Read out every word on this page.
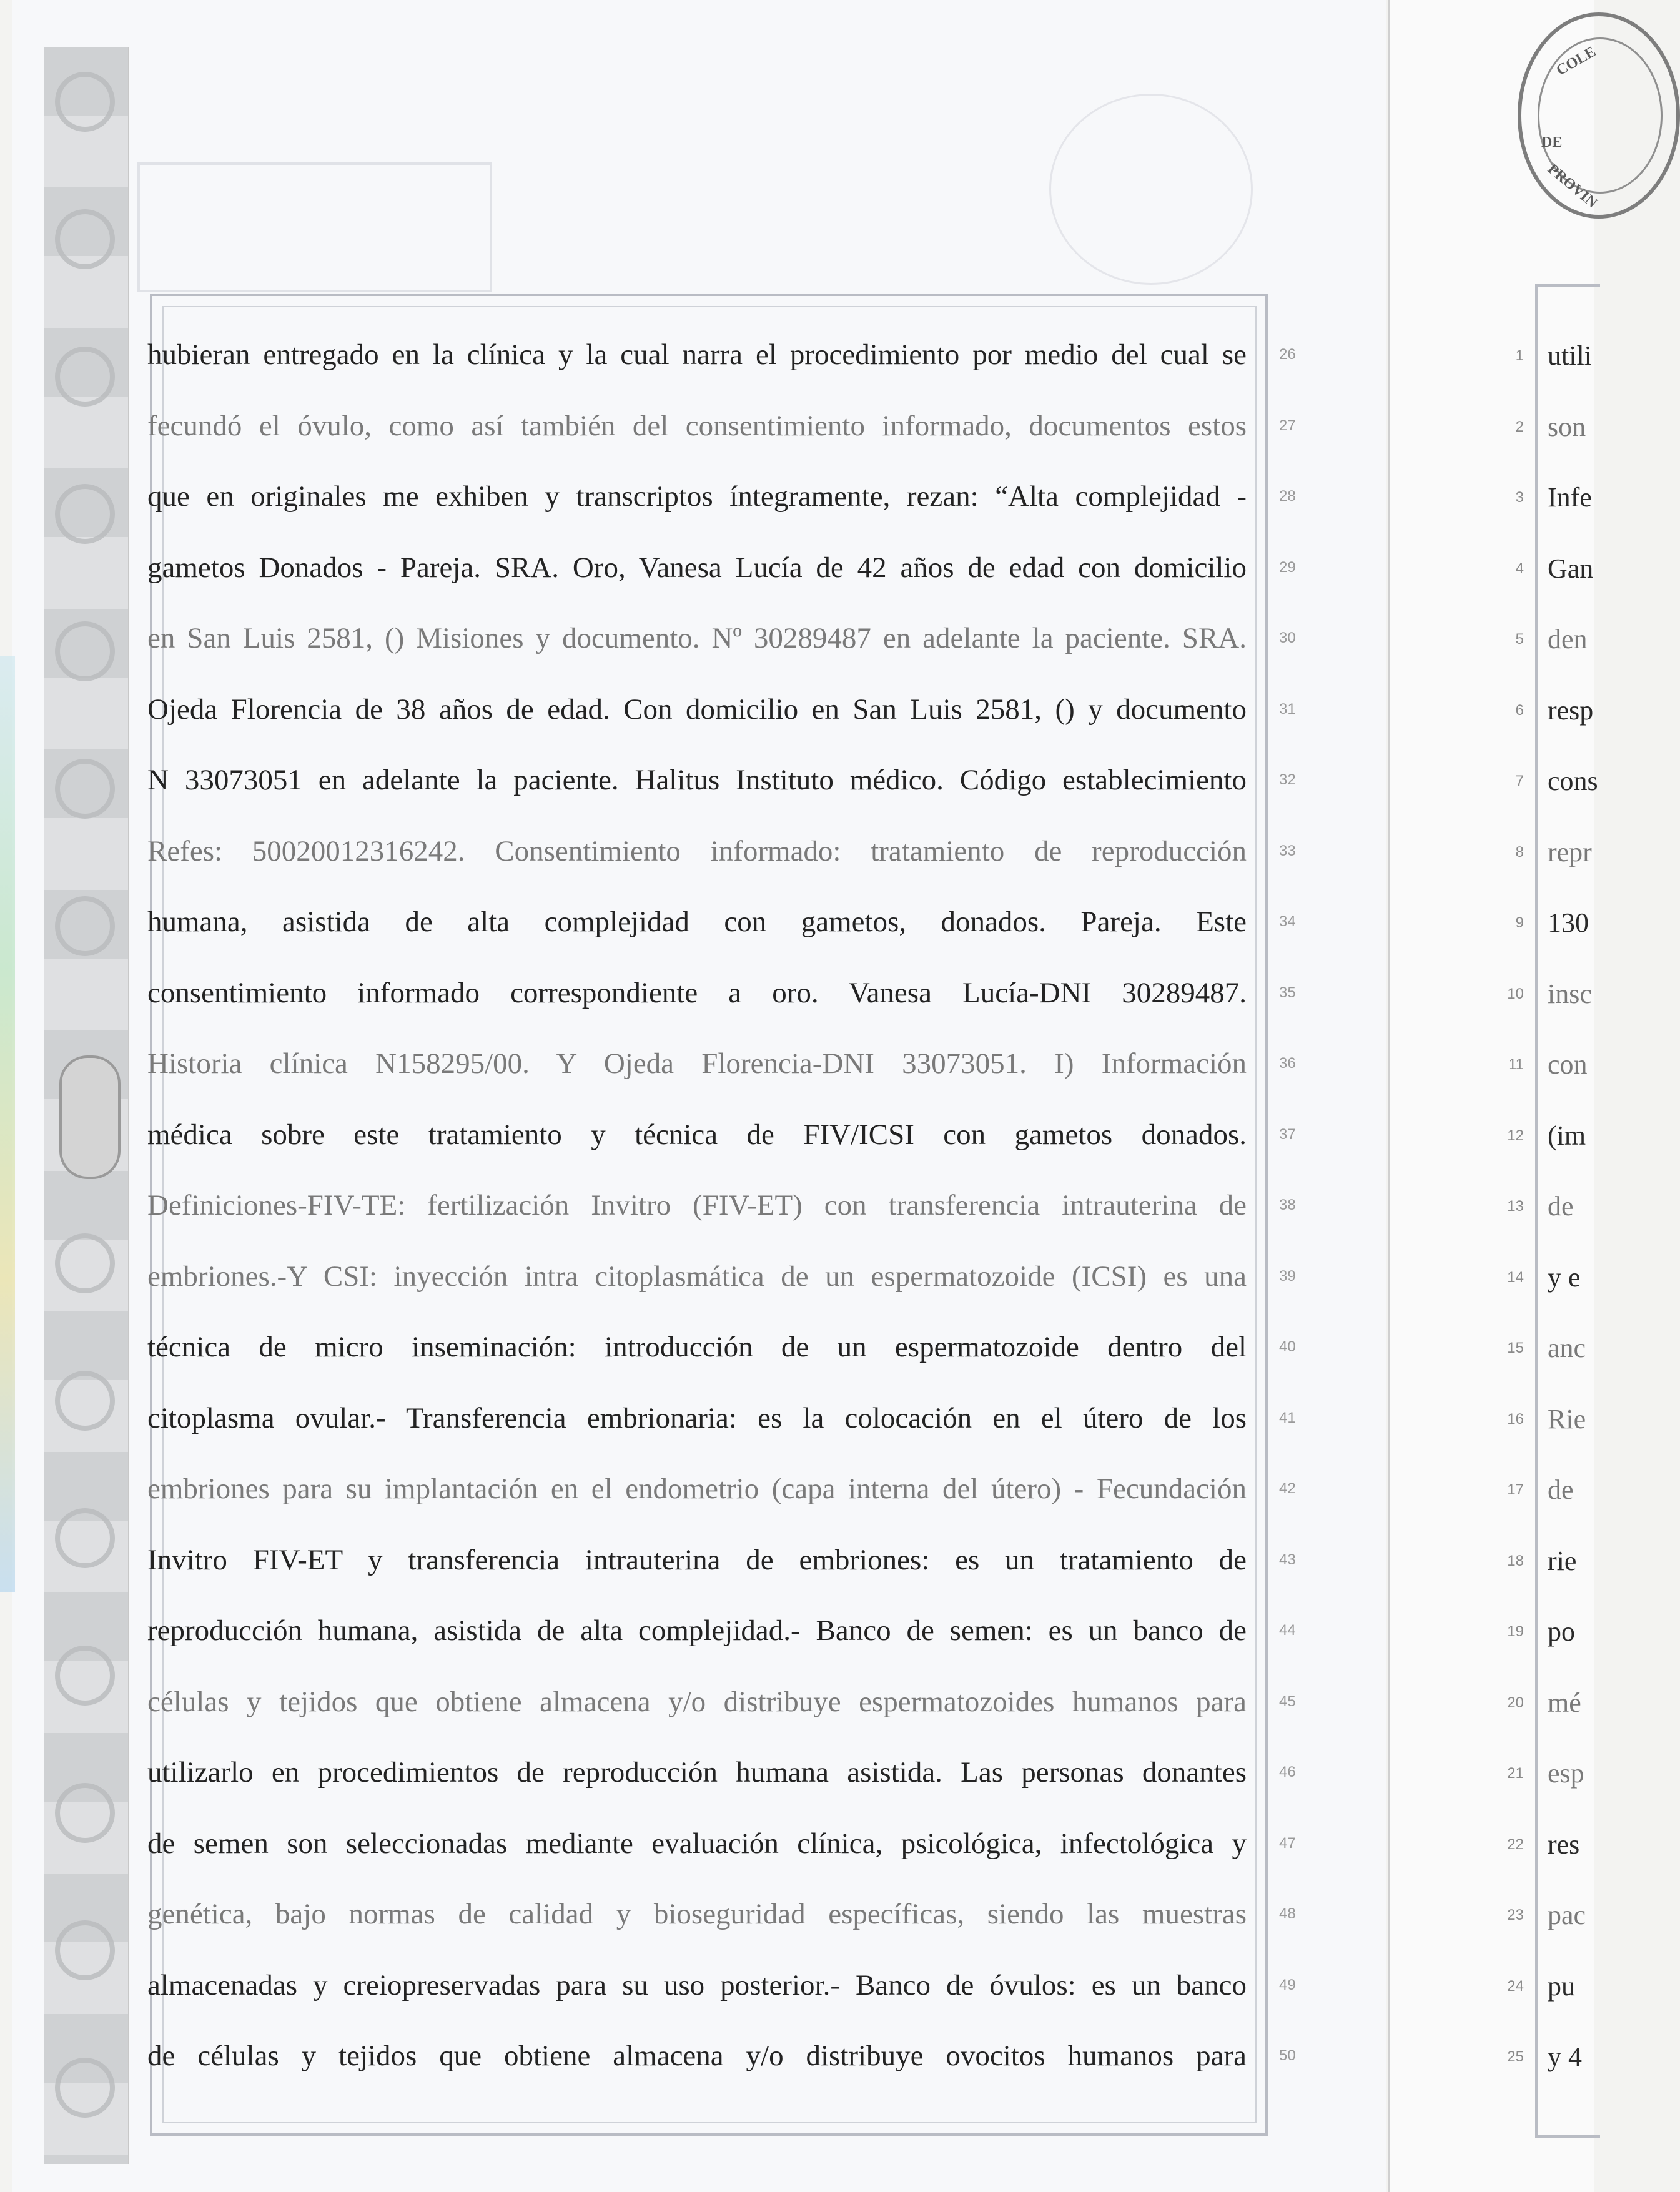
hubieran entregado en la clínica y la cual narra el procedimiento por medio del cual se

fecundó el óvulo, como así también del consentimiento informado, documentos estos

que en originales me exhiben y transcriptos íntegramente, rezan: “Alta complejidad -

gametos Donados - Pareja. SRA. Oro, Vanesa Lucía de 42 años de edad con domicilio

en San Luis 2581, () Misiones y documento. Nº 30289487 en adelante la paciente. SRA.

Ojeda Florencia de 38 años de edad. Con domicilio en San Luis 2581, () y documento

N 33073051 en adelante la paciente. Halitus Instituto médico. Código establecimiento

Refes: 50020012316242. Consentimiento informado: tratamiento de reproducción

humana, asistida de alta complejidad con gametos, donados. Pareja. Este

consentimiento informado correspondiente a oro. Vanesa Lucía-DNI 30289487.

Historia clínica N158295/00. Y Ojeda Florencia-DNI 33073051. I) Información

médica sobre este tratamiento y técnica de FIV/ICSI con gametos donados.

Definiciones-FIV-TE: fertilización Invitro (FIV-ET) con transferencia intrauterina de

embriones.-Y CSI: inyección intra citoplasmática de un espermatozoide (ICSI) es una

técnica de micro inseminación: introducción de un espermatozoide dentro del

citoplasma ovular.- Transferencia embrionaria: es la colocación en el útero de los

embriones para su implantación en el endometrio (capa interna del útero) - Fecundación

Invitro FIV-ET y transferencia intrauterina de embriones: es un tratamiento de

reproducción humana, asistida de alta complejidad.- Banco de semen: es un banco de

células y tejidos que obtiene almacena y/o distribuye espermatozoides humanos para

utilizarlo en procedimientos de reproducción humana asistida. Las personas donantes

de semen son seleccionadas mediante evaluación clínica, psicológica, infectológica y

genética, bajo normas de calidad y bioseguridad específicas, siendo las muestras

almacenadas y creiopreservadas para su uso posterior.- Banco de óvulos: es un banco

de células y tejidos que obtiene almacena y/o distribuye ovocitos humanos para

26
27
28
29
30
31
32
33
34
35
36
37
38
39
40
41
42
43
44
45
46
47
48
49
50
COLE
DE
PROVIN
1 utili
2 son
3 Infe
4 Gan
5 den
6 resp
7 cons
8 repr
9 130
10 insc
11 con
12 (im
13 de
14 y e
15 anc
16 Rie
17 de
18 rie
19 po
20 mé
21 esp
22 res
23 pac
24 pu
25 y 4
